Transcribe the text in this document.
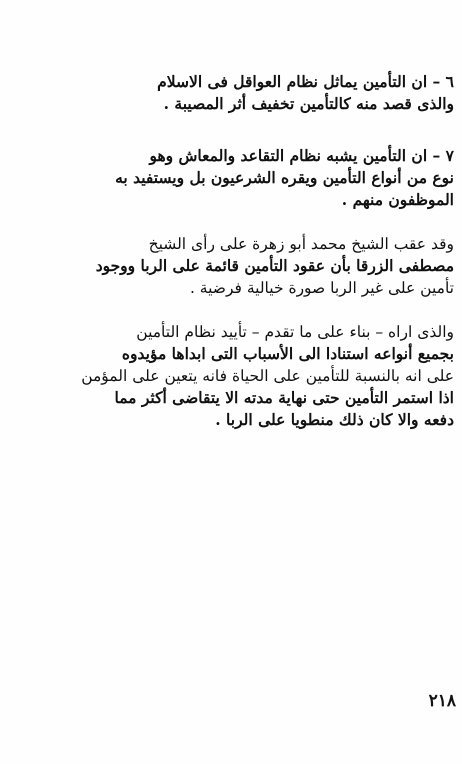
٦ – ان التأمين يماثل نظام العواقل فى الاسلام
والذى قصد منه كالتأمين تخفيف أثر المصيبة .
٧ – ان التأمين يشبه نظام التقاعد والمعاش وهو
نوع من أنواع التأمين ويقره الشرعيون بل ويستفيد به
الموظفون منهم .
وقد عقب الشيخ محمد أبو زهرة على رأى الشيخ
مصطفى الزرقا بأن عقود التأمين قائمة على الربا ووجود
تأمين على غير الربا صورة خيالية فرضية .
والذى اراه – بناء على ما تقدم – تأييد نظام التأمين
بجميع أنواعه استنادا الى الأسباب التى ابداها مؤيدوه
على انه بالنسبة للتأمين على الحياة فانه يتعين على المؤمن
اذا استمر التأمين حتى نهاية مدته الا يتقاضى أكثر مما
دفعه والا كان ذلك منطويا على الربا .
٢١٨
